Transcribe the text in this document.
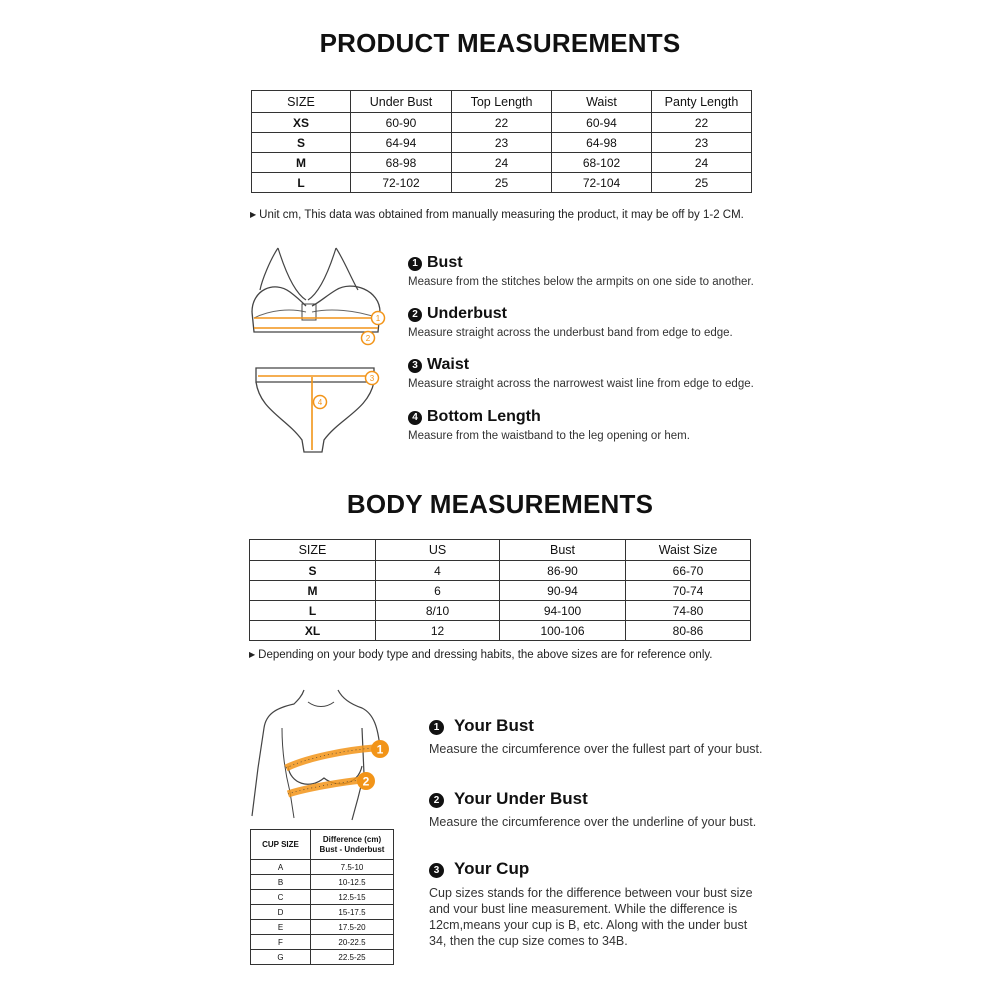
PRODUCT MEASUREMENTS
SIZE	Under Bust	Top Length	Waist	Panty Length
XS	60-90	22	60-94	22
S	64-94	23	64-98	23
M	68-98	24	68-102	24
L	72-102	25	72-104	25
▶ Unit cm, This data was obtained from manually measuring the product, it may be off by 1-2 CM.
1
2
3
4
1 Bust
Measure from the stitches below the armpits on one side to another.
2 Underbust
Measure straight across the underbust band from edge to edge.
3 Waist
Measure straight across the narrowest waist line from edge to edge.
4 Bottom Length
Measure from the waistband to the leg opening or hem.
BODY MEASUREMENTS
SIZE	US	Bust	Waist Size
S	4	86-90	66-70
M	6	90-94	70-74
L	8/10	94-100	74-80
XL	12	100-106	80-86
▶ Depending on your body type and dressing habits, the above sizes are for reference only.
1
2
CUP SIZE	Difference (cm)
Bust - Underbust
A	7.5-10
B	10-12.5
C	12.5-15
D	15-17.5
E	17.5-20
F	20-22.5
G	22.5-25
1 Your Bust
Measure the circumference over the fullest part of your bust.
2 Your Under Bust
Measure the circumference over the underline of your bust.
3 Your Cup
Cup sizes stands for the difference between vour bust size and vour bust line measurement. While the difference is 12cm,means your cup is B, etc. Along with the under bust 34, then the cup size comes to 34B.
